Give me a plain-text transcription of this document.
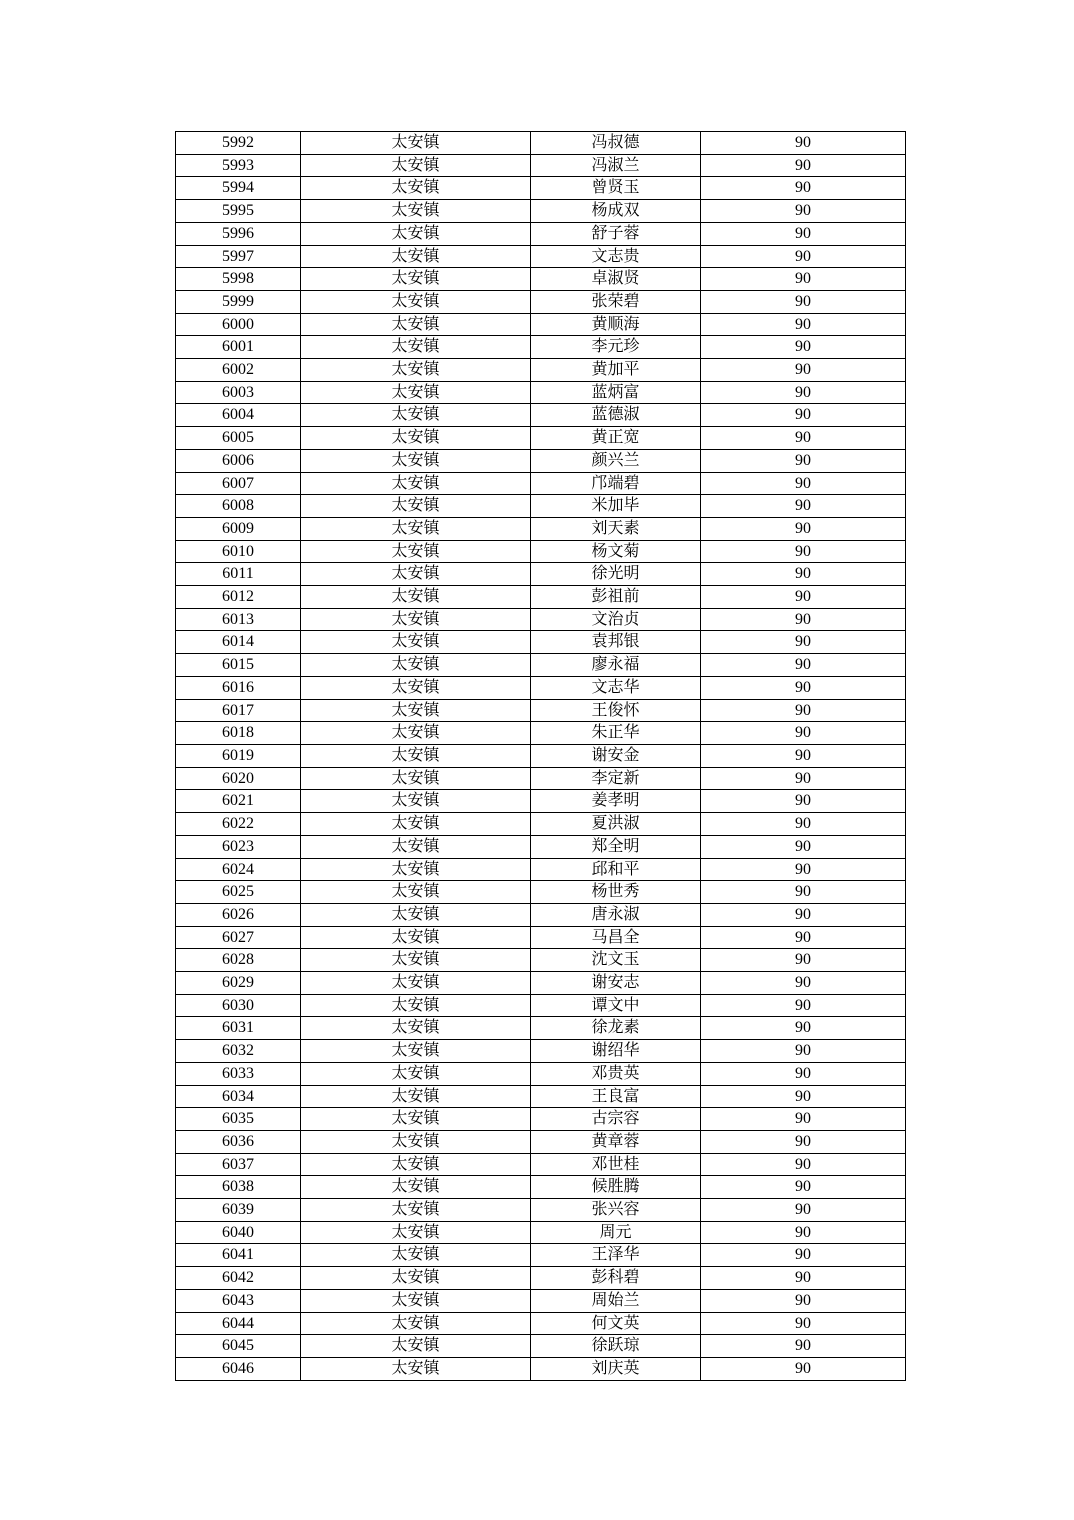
5992	太安镇	冯叔德	90
5993	太安镇	冯淑兰	90
5994	太安镇	曾贤玉	90
5995	太安镇	杨成双	90
5996	太安镇	舒子蓉	90
5997	太安镇	文志贵	90
5998	太安镇	卓淑贤	90
5999	太安镇	张荣碧	90
6000	太安镇	黄顺海	90
6001	太安镇	李元珍	90
6002	太安镇	黄加平	90
6003	太安镇	蓝炳富	90
6004	太安镇	蓝德淑	90
6005	太安镇	黄正宽	90
6006	太安镇	颜兴兰	90
6007	太安镇	邝端碧	90
6008	太安镇	米加毕	90
6009	太安镇	刘天素	90
6010	太安镇	杨文菊	90
6011	太安镇	徐光明	90
6012	太安镇	彭祖前	90
6013	太安镇	文治贞	90
6014	太安镇	袁邦银	90
6015	太安镇	廖永福	90
6016	太安镇	文志华	90
6017	太安镇	王俊怀	90
6018	太安镇	朱正华	90
6019	太安镇	谢安金	90
6020	太安镇	李定新	90
6021	太安镇	姜孝明	90
6022	太安镇	夏洪淑	90
6023	太安镇	郑全明	90
6024	太安镇	邱和平	90
6025	太安镇	杨世秀	90
6026	太安镇	唐永淑	90
6027	太安镇	马昌全	90
6028	太安镇	沈文玉	90
6029	太安镇	谢安志	90
6030	太安镇	谭文中	90
6031	太安镇	徐龙素	90
6032	太安镇	谢绍华	90
6033	太安镇	邓贵英	90
6034	太安镇	王良富	90
6035	太安镇	古宗容	90
6036	太安镇	黄章蓉	90
6037	太安镇	邓世桂	90
6038	太安镇	候胜腾	90
6039	太安镇	张兴容	90
6040	太安镇	周元	90
6041	太安镇	王泽华	90
6042	太安镇	彭科碧	90
6043	太安镇	周始兰	90
6044	太安镇	何文英	90
6045	太安镇	徐跃琼	90
6046	太安镇	刘庆英	90
